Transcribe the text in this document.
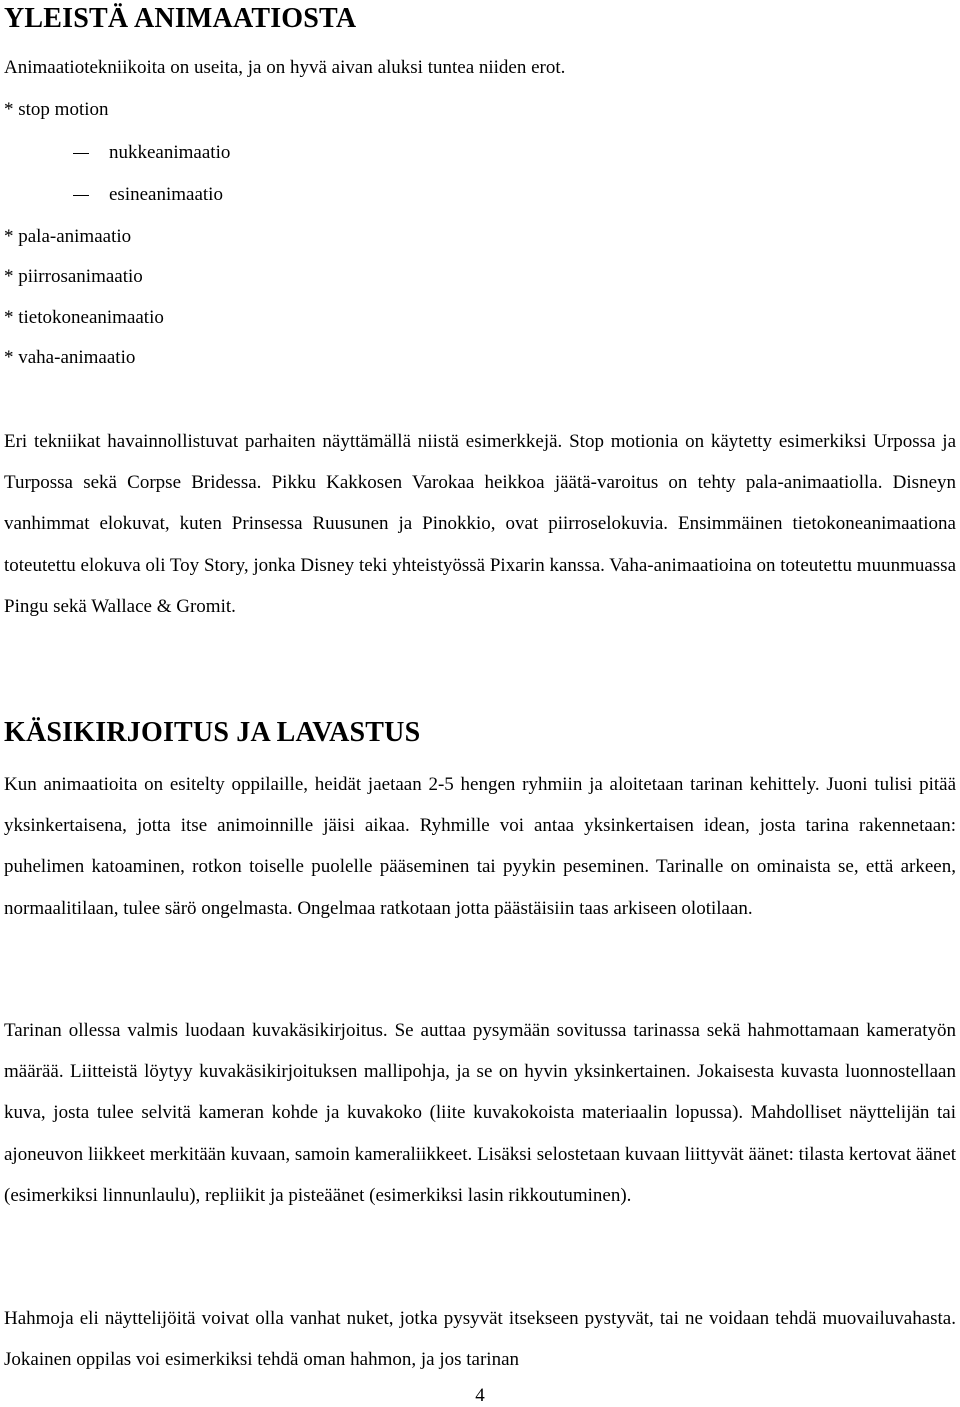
YLEISTÄ ANIMAATIOSTA
Animaatiotekniikoita on useita, ja on hyvä aivan aluksi tuntea niiden erot.
* stop motion
nukkeanimaatio
esineanimaatio
* pala-animaatio
* piirrosanimaatio
* tietokoneanimaatio
* vaha-animaatio

Eri tekniikat havainnollistuvat parhaiten näyttämällä niistä esimerkkejä. Stop motionia on käytetty esimerkiksi Urpossa ja Turpossa sekä Corpse Bridessa. Pikku Kakkosen Varokaa heikkoa jäätä-varoitus on tehty pala-animaatiolla. Disneyn vanhimmat elokuvat, kuten Prinsessa Ruusunen ja Pinokkio, ovat piirroselokuvia. Ensimmäinen tietokoneanimaationa toteutettu elokuva oli Toy Story, jonka Disney teki yhteistyössä Pixarin kanssa. Vaha-animaatioina on toteutettu muunmuassa Pingu sekä Wallace & Gromit.

KÄSIKIRJOITUS JA LAVASTUS

Kun animaatioita on esitelty oppilaille, heidät jaetaan 2-5 hengen ryhmiin ja aloitetaan tarinan kehittely. Juoni tulisi pitää yksinkertaisena, jotta itse animoinnille jäisi aikaa. Ryhmille voi antaa yksinkertaisen idean, josta tarina rakennetaan: puhelimen katoaminen, rotkon toiselle puolelle pääseminen tai pyykin peseminen. Tarinalle on ominaista se, että arkeen, normaalitilaan, tulee särö ongelmasta. Ongelmaa ratkotaan jotta päästäisiin taas arkiseen olotilaan.

Tarinan ollessa valmis luodaan kuvakäsikirjoitus. Se auttaa pysymään sovitussa tarinassa sekä hahmottamaan kameratyön määrää. Liitteistä löytyy kuvakäsikirjoituksen mallipohja, ja se on hyvin yksinkertainen. Jokaisesta kuvasta luonnostellaan kuva, josta tulee selvitä kameran kohde ja kuvakoko (liite kuvakokoista materiaalin lopussa). Mahdolliset näyttelijän tai ajoneuvon liikkeet merkitään kuvaan, samoin kameraliikkeet. Lisäksi selostetaan kuvaan liittyvät äänet: tilasta kertovat äänet (esimerkiksi linnunlaulu), repliikit ja pisteäänet (esimerkiksi lasin rikkoutuminen).

Hahmoja eli näyttelijöitä voivat olla vanhat nuket, jotka pysyvät itsekseen pystyvät, tai ne voidaan tehdä muovailuvahasta. Jokainen oppilas voi esimerkiksi tehdä oman hahmon, ja jos tarinan

4
